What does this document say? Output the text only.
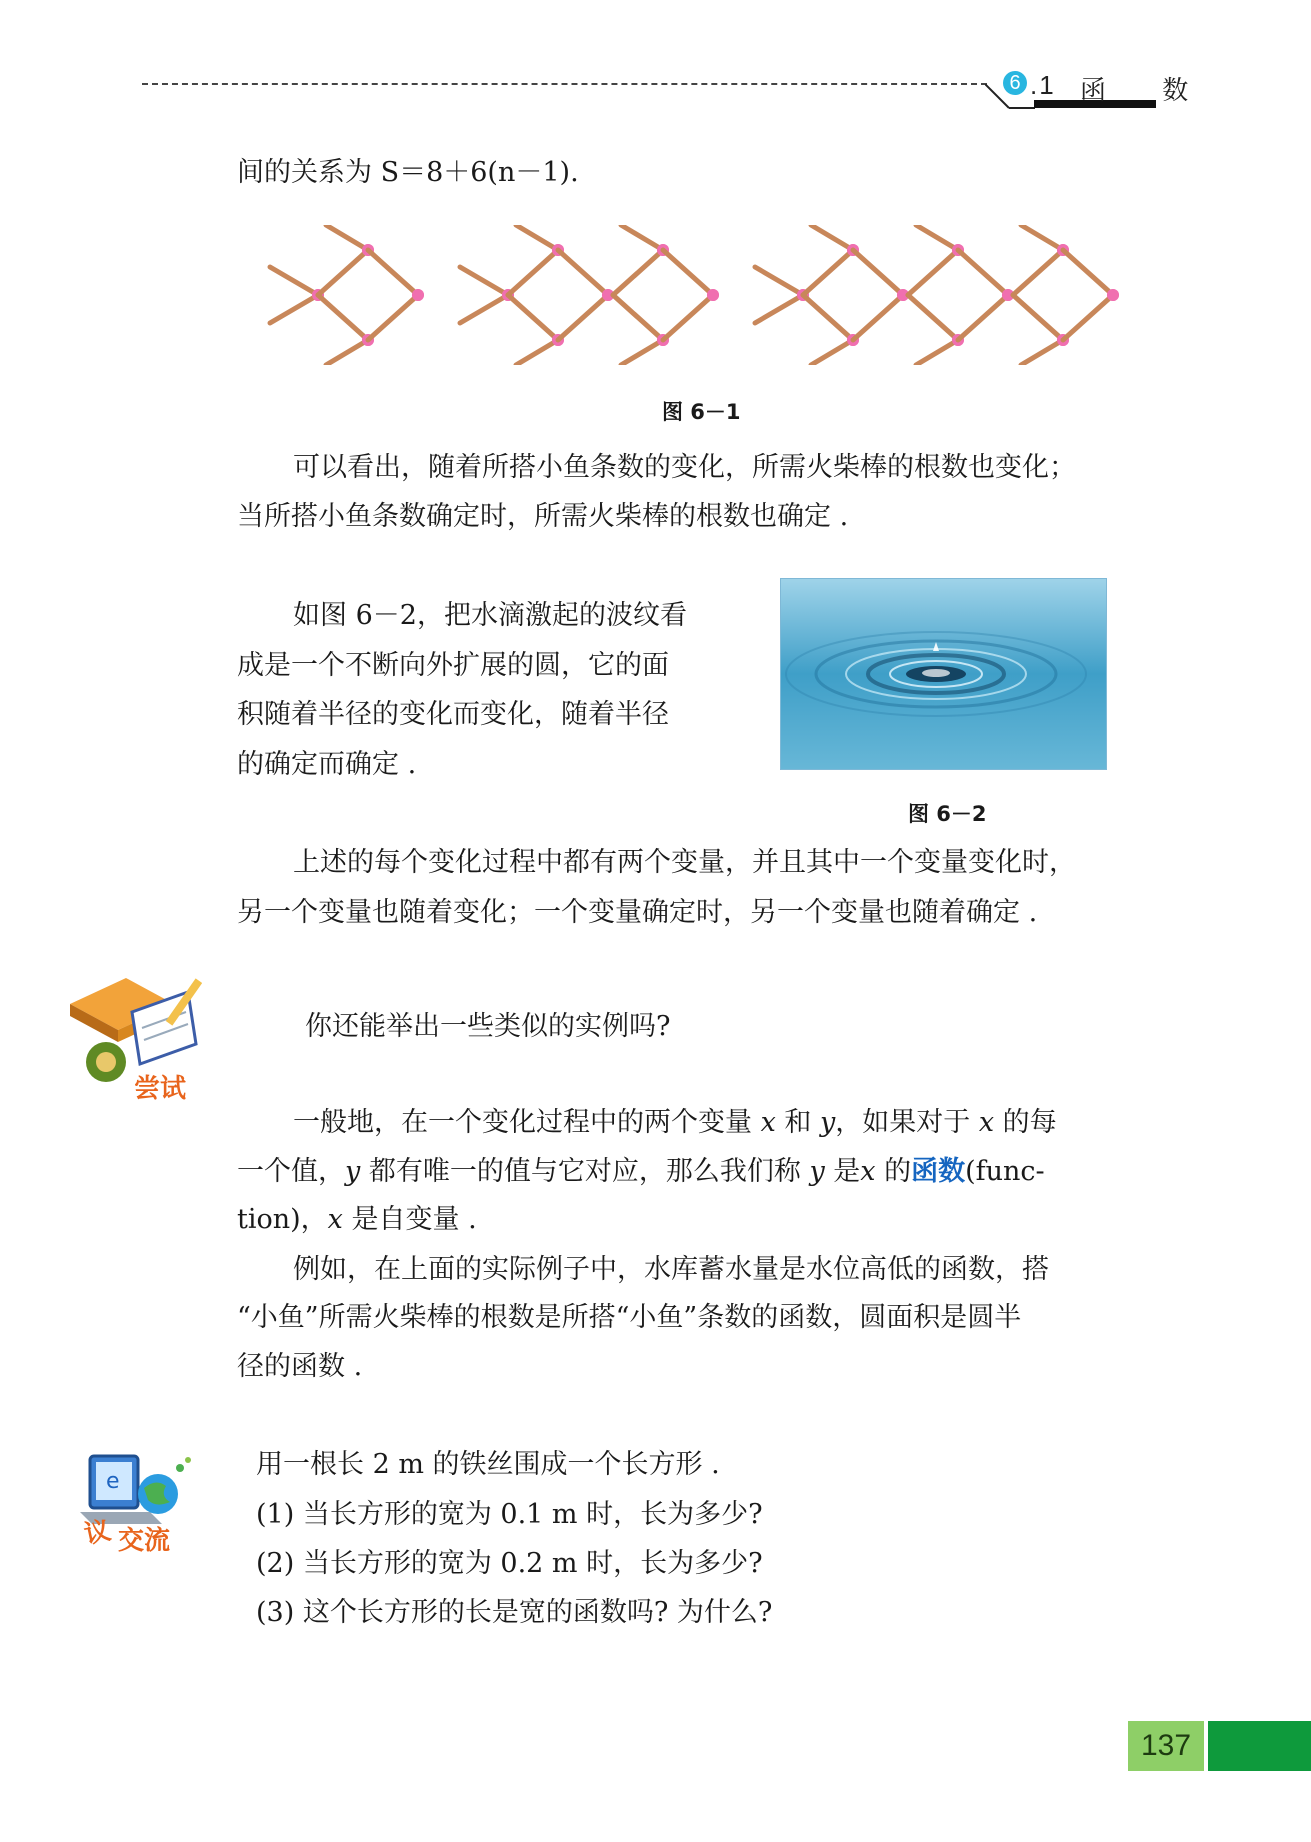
6 .1 函 数
间的关系为 S＝8＋6(n－1).
图 6－1
可以看出，随着所搭小鱼条数的变化，所需火柴棒的根数也变化；
当所搭小鱼条数确定时，所需火柴棒的根数也确定 .
如图 6－2，把水滴激起的波纹看
成是一个不断向外扩展的圆，它的面
积随着半径的变化而变化，随着半径
的确定而确定 .
图 6－2
上述的每个变化过程中都有两个变量，并且其中一个变量变化时，
另一个变量也随着变化；一个变量确定时，另一个变量也随着确定 .
尝试
你还能举出一些类似的实例吗?
一般地，在一个变化过程中的两个变量 x 和 y，如果对于 x 的每
一个值，y 都有唯一的值与它对应，那么我们称 y 是x 的函数(func-
tion)，x 是自变量 .
例如，在上面的实际例子中，水库蓄水量是水位高低的函数，搭
“小鱼”所需火柴棒的根数是所搭“小鱼”条数的函数，圆面积是圆半
径的函数 .
e
议 交流
用一根长 2 m 的铁丝围成一个长方形 .
(1) 当长方形的宽为 0.1 m 时，长为多少?
(2) 当长方形的宽为 0.2 m 时，长为多少?
(3) 这个长方形的长是宽的函数吗? 为什么?
137
